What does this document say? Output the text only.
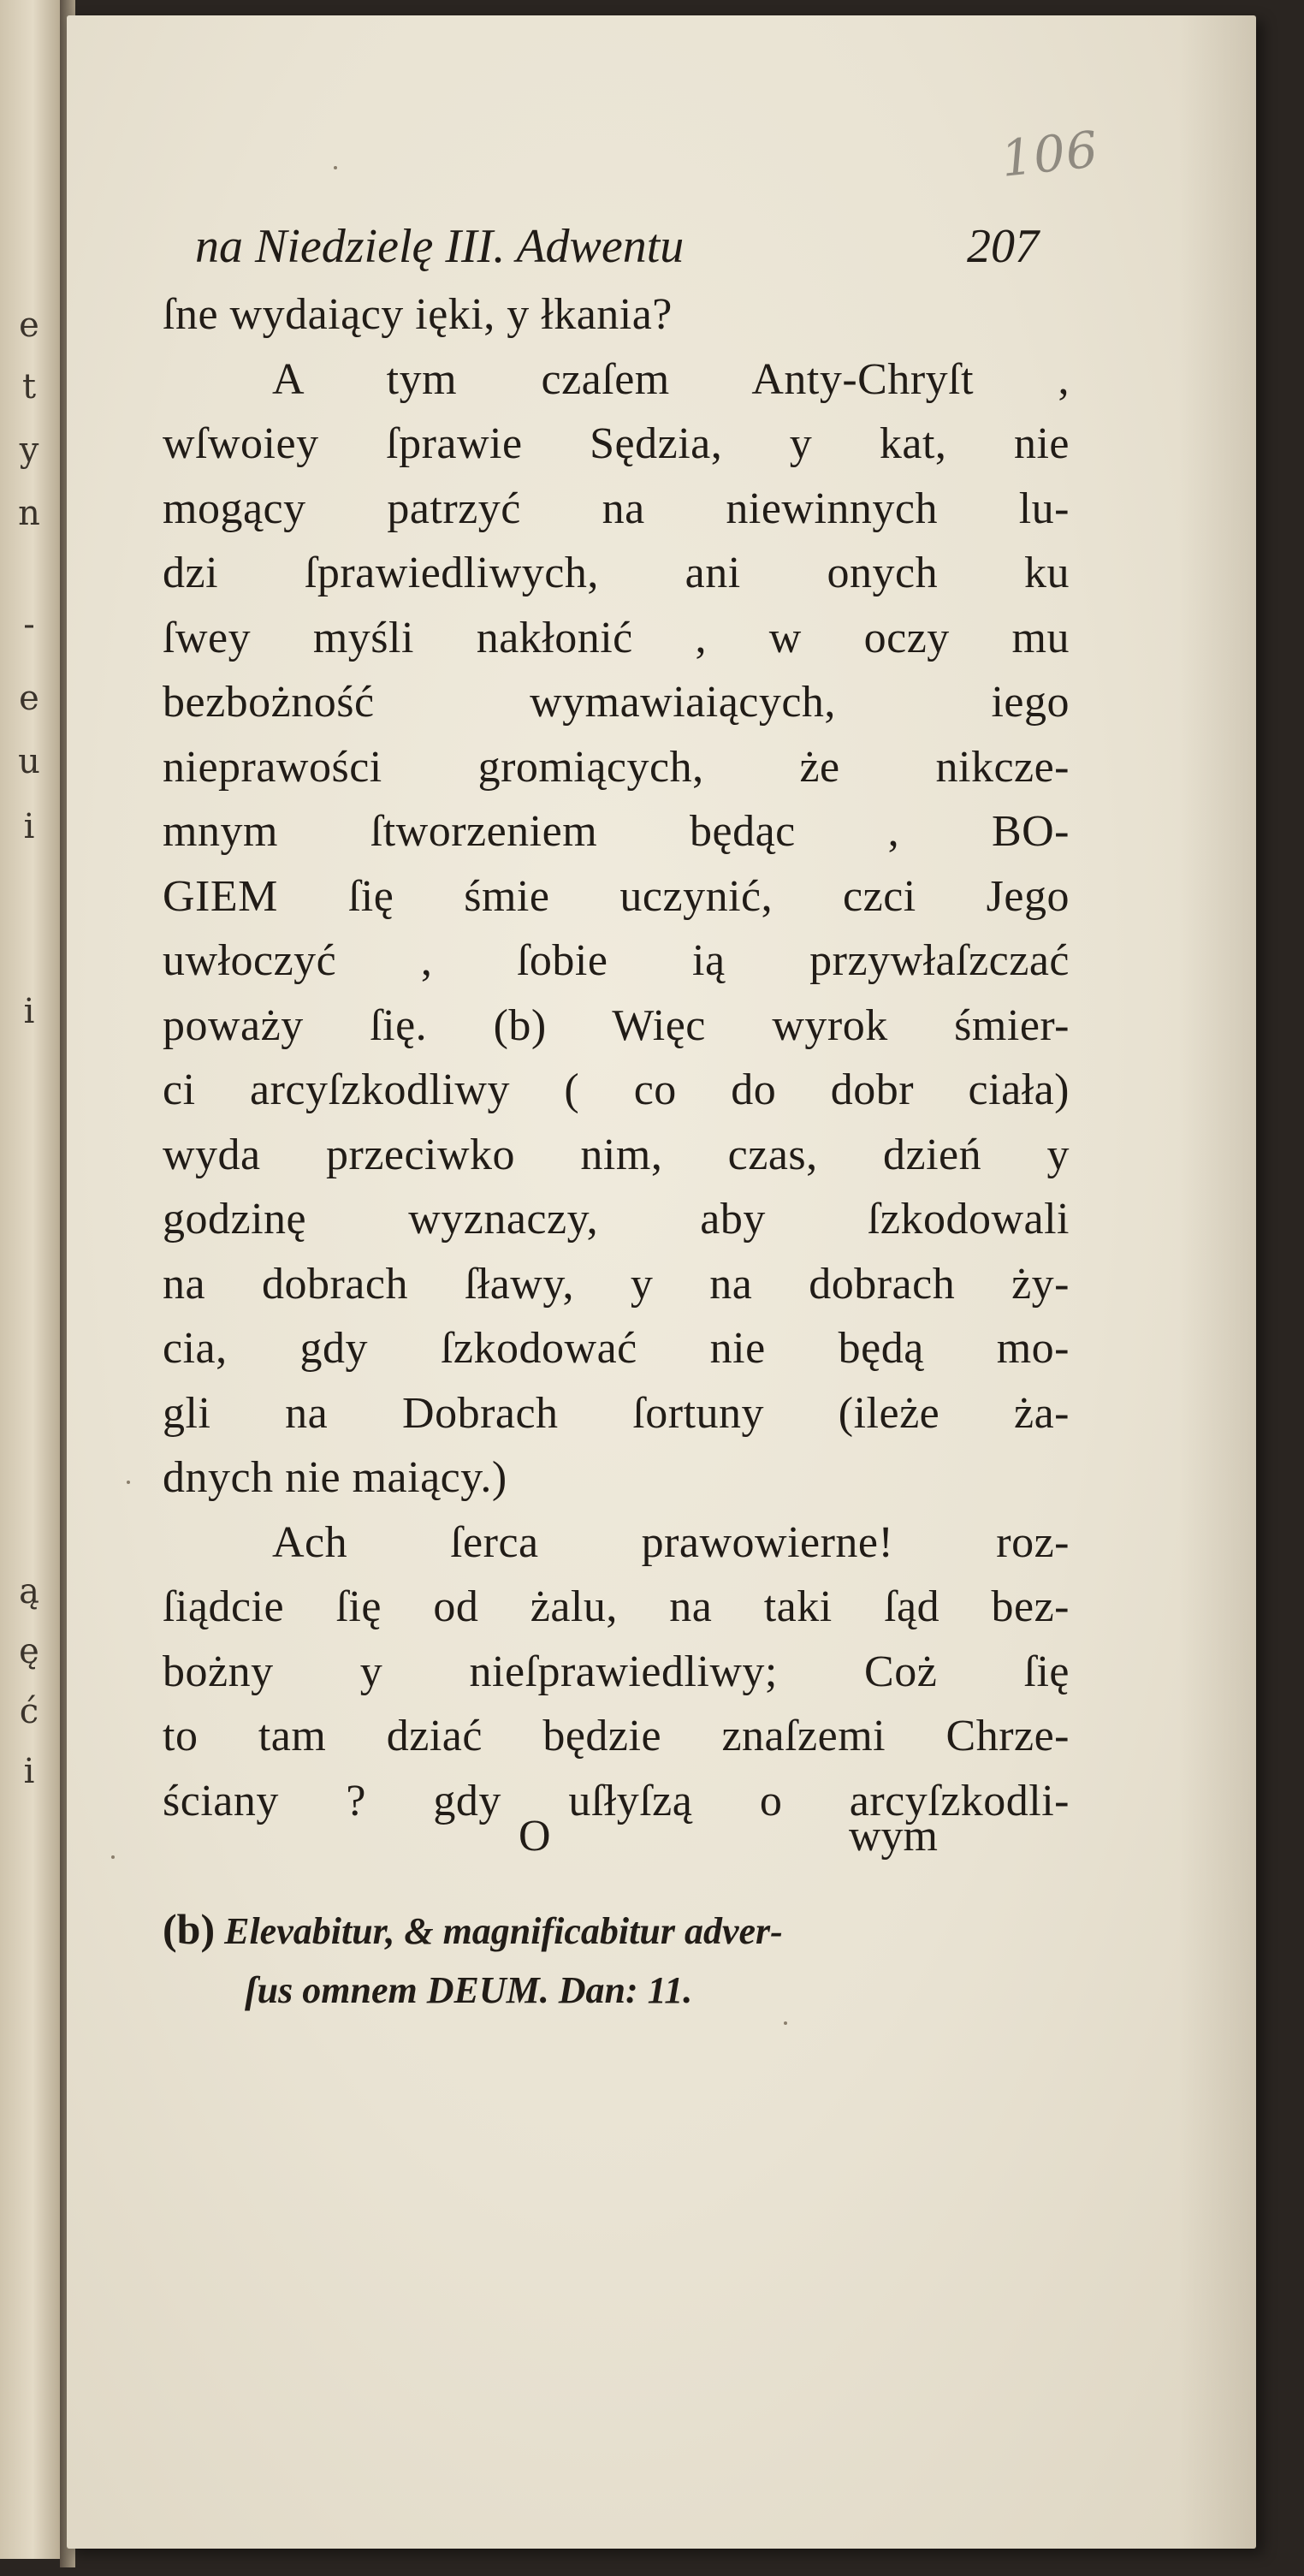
e
t
y
n
-
e
u
i
i
ą
ę
ć
i
106
na Niedzielę III. Adwentu	207
ſne wydaiący ięki, y łkania?
A tym czaſem Anty-Chryſt ,
wſwoiey ſprawie Sędzia, y kat, nie
mogący patrzyć na niewinnych lu-
dzi ſprawiedliwych, ani onych ku
ſwey myśli nakłonić , w oczy mu
bezbożność wymawiaiących, iego
nieprawości gromiących, że nikcze-
mnym ſtworzeniem będąc , BO-
GIEM ſię śmie uczynić, czci Jego
uwłoczyć , ſobie ią przywłaſzczać
poważy ſię. (b) Więc wyrok śmier-
ci arcyſzkodliwy ( co do dobr ciała)
wyda przeciwko nim, czas, dzień y
godzinę wyznaczy, aby ſzkodowali
na dobrach ſławy, y na dobrach ży-
cia, gdy ſzkodować nie będą mo-
gli na Dobrach ſortuny (ileże ża-
dnych nie maiący.)
Ach ſerca prawowierne! roz-
ſiądcie ſię od żalu, na taki ſąd bez-
bożny y nieſprawiedliwy; Coż ſię
to tam dziać będzie znaſzemi Chrze-
ściany ? gdy uſłyſzą o arcyſzkodli-
O	wym
(b) Elevabitur, & magnificabitur adver-
ſus omnem DEUM. Dan: 11.
